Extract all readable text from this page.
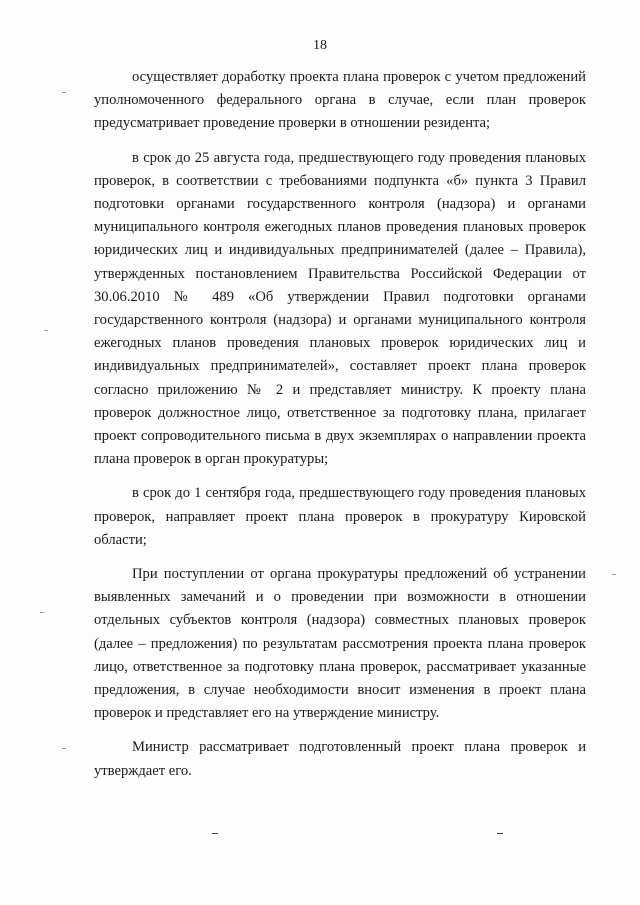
18

осуществляет доработку проекта плана проверок с учетом предложений уполномоченного федерального органа в случае, если план проверок предусматривает проведение проверки в отношении резидента;

в срок до 25 августа года, предшествующего году проведения плановых проверок, в соответствии с требованиями подпункта «б» пункта 3 Правил подготовки органами государственного контроля (надзора) и органами муниципального контроля ежегодных планов проведения плановых проверок юридических лиц и индивидуальных предпринимателей (далее – Правила), утвержденных постановлением Правительства Российской Федерации от 30.06.2010 № 489 «Об утверждении Правил подготовки органами государственного контроля (надзора) и органами муниципального контроля ежегодных планов проведения плановых проверок юридических лиц и индивидуальных предпринимателей», составляет проект плана проверок согласно приложению № 2 и представляет министру. К проекту плана проверок должностное лицо, ответственное за подготовку плана, прилагает проект сопроводительного письма в двух экземплярах о направлении проекта плана проверок в орган прокуратуры;

в срок до 1 сентября года, предшествующего году проведения плановых проверок, направляет проект плана проверок в прокуратуру Кировской области;

При поступлении от органа прокуратуры предложений об устранении выявленных замечаний и о проведении при возможности в отношении отдельных субъектов контроля (надзора) совместных плановых проверок (далее – предложения) по результатам рассмотрения проекта плана проверок лицо, ответственное за подготовку плана проверок, рассматривает указанные предложения, в случае необходимости вносит изменения в проект плана проверок и представляет его на утверждение министру.

Министр рассматривает подготовленный проект плана проверок и утверждает его.
